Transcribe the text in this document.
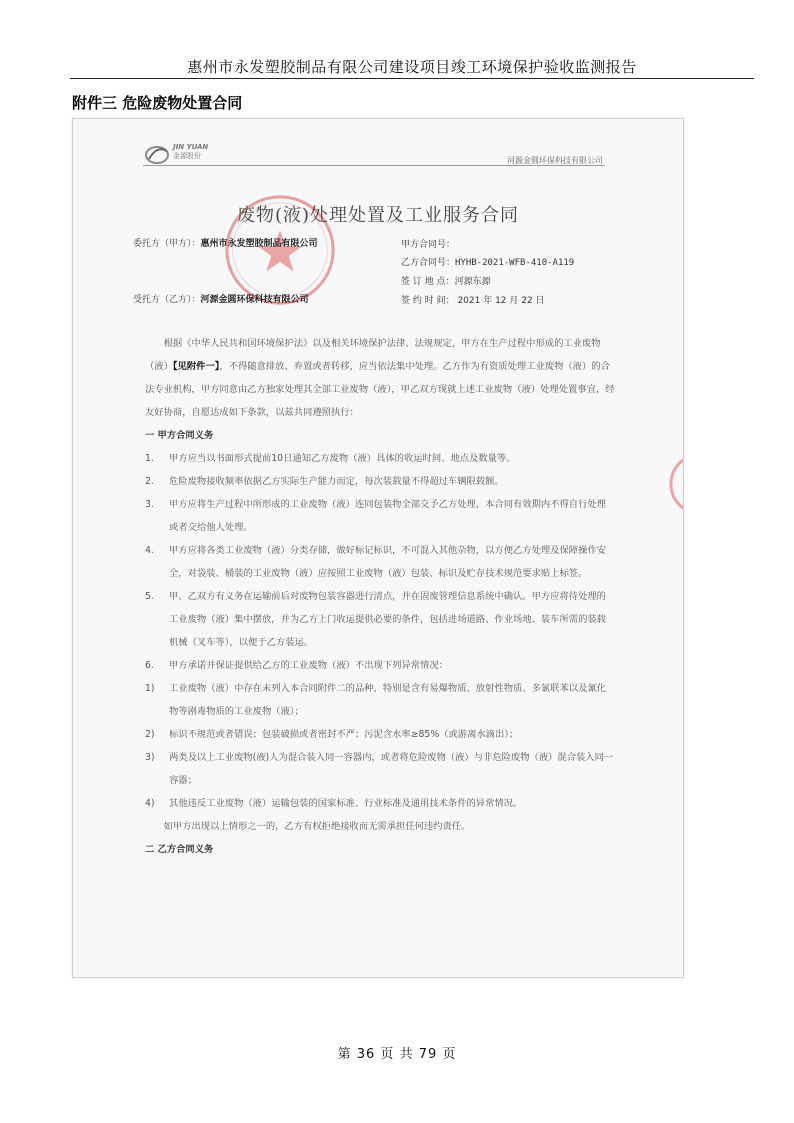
惠州市永发塑胶制品有限公司建设项目竣工环境保护验收监测报告
附件三 危险废物处置合同
JIN YUAN
金源股份	河源金圆环保科技有限公司
废物(液)处理处置及工业服务合同
委托方（甲方）：惠州市永发塑胶制品有限公司
受托方（乙方）：河源金圆环保科技有限公司
甲方合同号：
乙方合同号：HYHB-2021-WFB-410-A119
签 订 地 点：河源东源
签 约 时 间： 2021 年 12 月 22 日

根据《中华人民共和国环境保护法》以及相关环境保护法律、法规规定，甲方在生产过程中形成的工业废物（液）【见附件一】，不得随意排放、弃置或者转移，应当依法集中处理。乙方作为有资质处理工业废物（液）的合法专业机构，甲方同意由乙方独家处理其全部工业废物（液），甲乙双方现就上述工业废物（液）处理处置事宜，经友好协商，自愿达成如下条款，以兹共同遵照执行：

一 甲方合同义务

1. 甲方应当以书面形式提前10日通知乙方废物（液）具体的收运时间、地点及数量等。
2. 危险废物接收频率依据乙方实际生产能力而定，每次装载量不得超过车辆限载额。
3. 甲方应将生产过程中所形成的工业废物（液）连同包装物全部交予乙方处理，本合同有效期内不得自行处理或者交给他人处理。
4. 甲方应将各类工业废物（液）分类存储，做好标记标识，不可混入其他杂物，以方便乙方处理及保障操作安全，对袋装、桶装的工业废物（液）应按照工业废物（液）包装、标识及贮存技术规范要求贴上标签。
5. 甲、乙双方有义务在运输前后对废物包装容器进行清点，并在固废管理信息系统中确认。甲方应将待处理的工业废物（液）集中摆放，并为乙方上门收运提供必要的条件，包括进场道路、作业场地、装车所需的装载机械（叉车等），以便于乙方装运。
6. 甲方承诺并保证提供给乙方的工业废物（液）不出现下列异常情况：
1) 工业废物（液）中存在未列入本合同附件二的品种，特别是含有易爆物质、放射性物质、多氯联苯以及氰化物等剧毒物质的工业废物（液）；
2) 标识不规范或者错误；包装破损或者密封不严；污泥含水率≥85%（或游离水滴出）；
3) 两类及以上工业废物(液)人为混合装入同一容器内，或者将危险废物（液）与非危险废物（液）混合装入同一容器；
4) 其他违反工业废物（液）运输包装的国家标准、行业标准及通用技术条件的异常情况。

如甲方出现以上情形之一的，乙方有权拒绝接收而无需承担任何违约责任。

二 乙方合同义务

第 36 页 共 79 页
